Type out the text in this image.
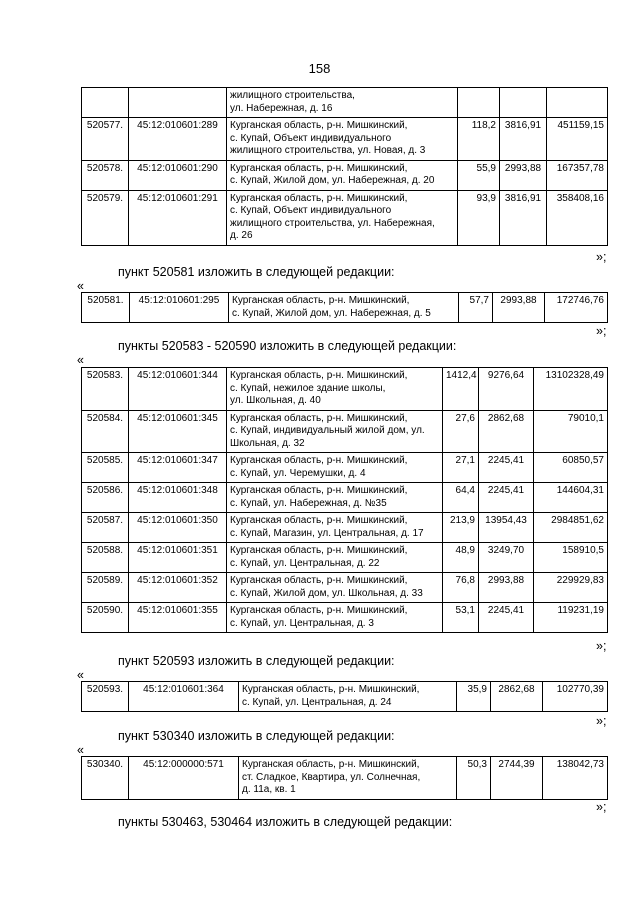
158

		жилищного строительства,
ул. Набережная, д. 16			

520577.	45:12:010601:289	Курганская область, р-н. Мишкинский,
с. Купай, Объект индивидуального
жилищного строительства, ул. Новая, д. 3	118,2	3816,91	451159,15
520578.	45:12:010601:290	Курганская область, р-н. Мишкинский,
с. Купай, Жилой дом, ул. Набережная, д. 20	55,9	2993,88	167357,78
520579.	45:12:010601:291	Курганская область, р-н. Мишкинский,
с. Купай, Объект индивидуального
жилищного строительства, ул. Набережная,
д. 26	93,9	3816,91	358408,16
»;
пункт 520581 изложить в следующей редакции:
«
520581.	45:12:010601:295	Курганская область, р-н. Мишкинский,
с. Купай, Жилой дом, ул. Набережная, д. 5
	57,7	2993,88	172746,76
»;
пункты 520583 - 520590 изложить в следующей редакции:
«
520583.	45:12:010601:344	Курганская область, р-н. Мишкинский,
с. Купай, нежилое здание школы,
ул. Школьная, д. 40	1412,4	9276,64	13102328,49
520584.	45:12:010601:345	Курганская область, р-н. Мишкинский,
с. Купай, индивидуальный жилой дом, ул.
Школьная, д. 32	27,6	2862,68	79010,1
520585.	45:12:010601:347	Курганская область, р-н. Мишкинский,
с. Купай, ул. Черемушки, д. 4	27,1	2245,41	60850,57
520586.	45:12:010601:348	Курганская область, р-н. Мишкинский,
с. Купай, ул. Набережная, д. №35	64,4	2245,41	144604,31
520587.	45:12:010601:350	Курганская область, р-н. Мишкинский,
с. Купай, Магазин, ул. Центральная, д. 17	213,9	13954,43	2984851,62
520588.	45:12:010601:351	Курганская область, р-н. Мишкинский,
с. Купай, ул. Центральная, д. 22	48,9	3249,70	158910,5
520589.	45:12:010601:352	Курганская область, р-н. Мишкинский,
с. Купай, Жилой дом, ул. Школьная, д. 33	76,8	2993,88	229929,83
520590.	45:12:010601:355	Курганская область, р-н. Мишкинский,
с. Купай, ул. Центральная, д. 3	53,1	2245,41	119231,19
»;
пункт 520593 изложить в следующей редакции:
«
520593.	45:12:010601:364	Курганская область, р-н. Мишкинский,
с. Купай, ул. Центральная, д. 24
	35,9	2862,68	102770,39
»;
пункт 530340 изложить в следующей редакции:
«
530340.	45:12:000000:571	Курганская область, р-н. Мишкинский,
ст. Сладкое, Квартира, ул. Солнечная,
д. 11а, кв. 1
	50,3	2744,39	138042,73
»;
пункты 530463, 530464 изложить в следующей редакции:
